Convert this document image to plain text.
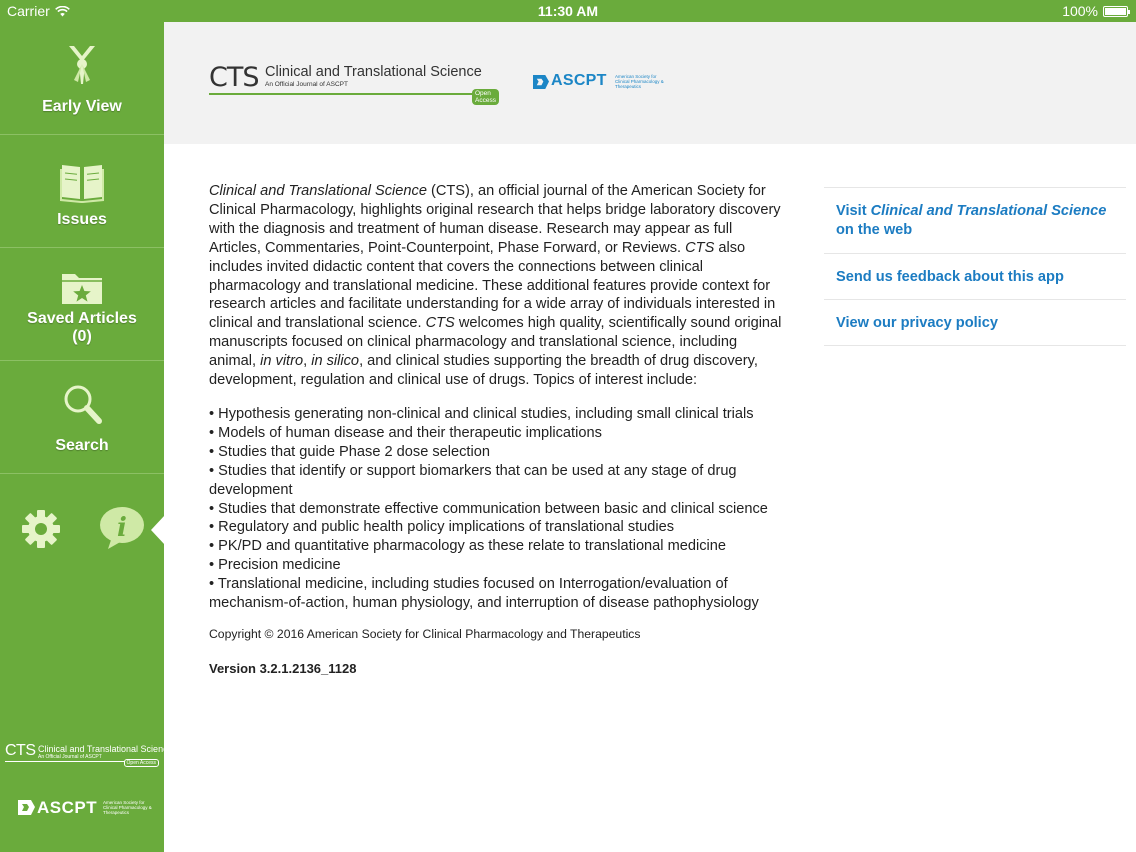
Carrier	11:30 AM	100%
Early View
Issues
Saved Articles
(0)
Search
i
CTS Clinical and Translational Science
An Official Journal of ASCPT
Open Access
ASCPT American Society for Clinical Pharmacology & Therapeutics
CTS Clinical and Translational Science
An Official Journal of ASCPT
Open Access
ASCPT American Society for Clinical Pharmacology & Therapeutics

Clinical and Translational Science (CTS), an official journal of the American Society for Clinical Pharmacology, highlights original research that helps bridge laboratory discovery with the diagnosis and treatment of human disease. Research may appear as full Articles, Commentaries, Point-Counterpoint, Phase Forward, or Reviews. CTS also includes invited didactic content that covers the connections between clinical pharmacology and translational medicine. These additional features provide context for research articles and facilitate understanding for a wide array of individuals interested in clinical and translational science. CTS welcomes high quality, scientifically sound original manuscripts focused on clinical pharmacology and translational science, including animal, in vitro, in silico, and clinical studies supporting the breadth of drug discovery, development, regulation and clinical use of drugs. Topics of interest include:

• Hypothesis generating non-clinical and clinical studies, including small clinical trials
• Models of human disease and their therapeutic implications
• Studies that guide Phase 2 dose selection
• Studies that identify or support biomarkers that can be used at any stage of drug development
• Studies that demonstrate effective communication between basic and clinical science
• Regulatory and public health policy implications of translational studies
• PK/PD and quantitative pharmacology as these relate to translational medicine
• Precision medicine
• Translational medicine, including studies focused on Interrogation/evaluation of mechanism-of-action, human physiology, and interruption of disease pathophysiology
Copyright © 2016 American Society for Clinical Pharmacology and Therapeutics
Version 3.2.1.2136_1128
Visit Clinical and Translational Science on the web
Send us feedback about this app
View our privacy policy
